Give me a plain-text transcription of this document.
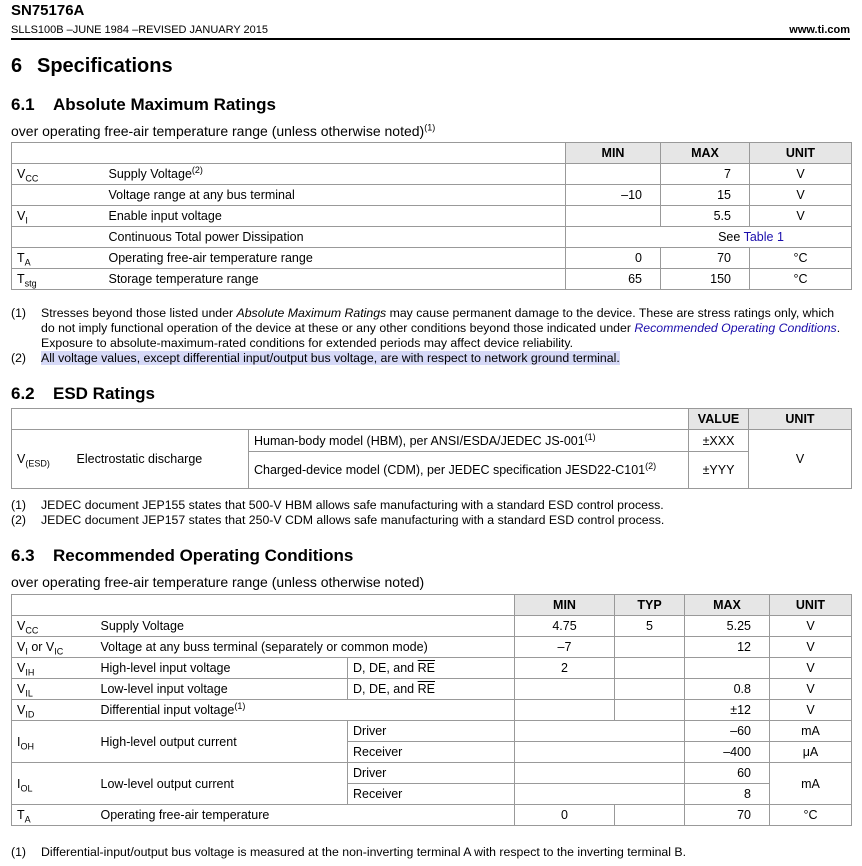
SN75176A
SLLS100B –JUNE 1984 –REVISED JANUARY 2015	www.ti.com
6 Specifications
6.1 Absolute Maximum Ratings
over operating free-air temperature range (unless otherwise noted)$^{(1)}$
		MIN	MAX	UNIT
$V_{CC}$	Supply Voltage$^{(2)}$		7	V
	Voltage range at any bus terminal	–10	15	V
$V_I$	Enable input voltage		5.5	V
	Continuous Total power Dissipation	See Table 1		
$T_A$	Operating free-air temperature range	0	70	°C
$T_{stg}$	Storage temperature range	65	150	°C
(1) Stresses beyond those listed under Absolute Maximum Ratings may cause permanent damage to the device. These are stress ratings only, which do not imply functional operation of the device at these or any other conditions beyond those indicated under Recommended Operating Conditions. Exposure to absolute-maximum-rated conditions for extended periods may affect device reliability.
(2) All voltage values, except differential input/output bus voltage, are with respect to network ground terminal.
6.2 ESD Ratings
			VALUE	UNIT
$V_{(ESD)}$	Electrostatic discharge	Human-body model (HBM), per ANSI/ESDA/JEDEC $JS-001^{(1)}$	±XXX	V
		Charged-device model (CDM), per JEDEC specification $JESD22-C101^{(2)}$	±YYY	
(1) JEDEC document JEP155 states that 500-V HBM allows safe manufacturing with a standard ESD control process.
(2) JEDEC document JEP157 states that 250-V CDM allows safe manufacturing with a standard ESD control process.
6.3 Recommended Operating Conditions
over operating free-air temperature range (unless otherwise noted)
			MIN	TYP	MAX	UNIT
$V_{CC}$	Supply Voltage		4.75	5	5.25	V
$V_I$ or $V_{IC}$	Voltage at any buss terminal (separately or common mode)		–7		12	V
$V_{IH}$	High-level input voltage	D, DE, and $\overline{RE}$	2			V
$V_{IL}$	Low-level input voltage	D, DE, and $\overline{RE}$			0.8	V
$V_{ID}$	Differential input voltage$^{(1)}$				±12	V
$I_{OH}$	High-level output current	Driver			–60	mA
		Receiver			–400	μA
$I_{OL}$	Low-level output current	Driver			60	mA
		Receiver			8	
$T_A$	Operating free-air temperature		0		70	°C
(1) Differential-input/output bus voltage is measured at the non-inverting terminal A with respect to the inverting terminal B.
